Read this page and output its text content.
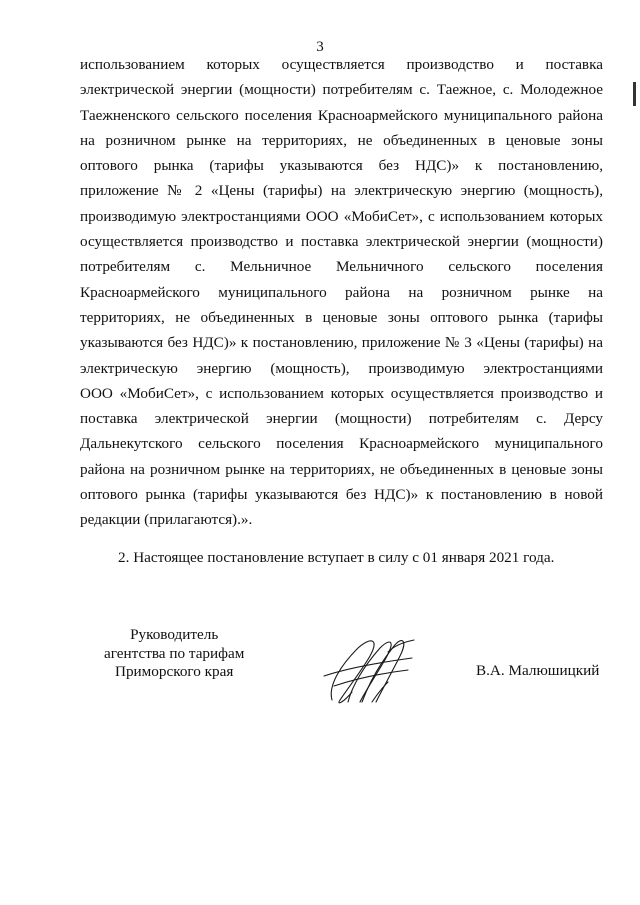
3
использованием которых осуществляется производство и поставка
электрической энергии (мощности) потребителям с. Таежное, с. Молодежное
Таежненского сельского поселения Красноармейского муниципального района
на розничном рынке на территориях, не объединенных в ценовые зоны
оптового рынка (тарифы указываются без НДС)» к постановлению,
приложение № 2 «Цены (тарифы) на электрическую энергию (мощность),
производимую электростанциями ООО «МобиСет», с использованием которых
осуществляется производство и поставка электрической энергии (мощности)
потребителям с. Мельничное Мельничного сельского поселения
Красноармейского муниципального района на розничном рынке на
территориях, не объединенных в ценовые зоны оптового рынка (тарифы
указываются без НДС)» к постановлению, приложение № 3 «Цены (тарифы) на
электрическую энергию (мощность), производимую электростанциями
ООО «МобиСет», с использованием которых осуществляется производство и
поставка электрической энергии (мощности) потребителям с. Дерсу
Дальнекутского сельского поселения Красноармейского муниципального
района на розничном рынке на территориях, не объединенных в ценовые зоны
оптового рынка (тарифы указываются без НДС)» к постановлению в новой
редакции (прилагаются).».
2. Настоящее постановление вступает в силу с 01 января 2021 года.
Руководитель
агентства по тарифам
Приморского края	В.А. Малюшицкий
